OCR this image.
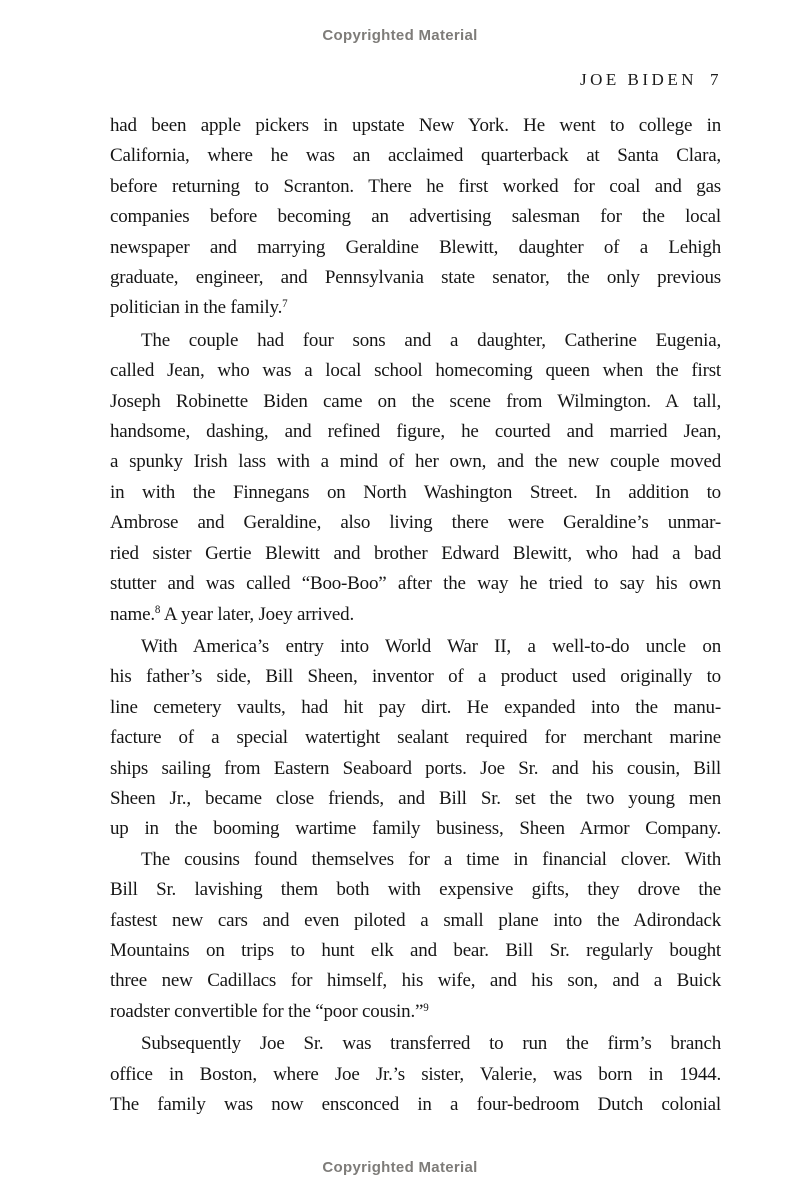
Copyrighted Material
JOE BIDEN 7
had been apple pickers in upstate New York. He went to college in
California, where he was an acclaimed quarterback at Santa Clara,
before returning to Scranton. There he first worked for coal and gas
companies before becoming an advertising salesman for the local
newspaper and marrying Geraldine Blewitt, daughter of a Lehigh
graduate, engineer, and Pennsylvania state senator, the only previous
politician in the family.$^7$
The couple had four sons and a daughter, Catherine Eugenia,
called Jean, who was a local school homecoming queen when the first
Joseph Robinette Biden came on the scene from Wilmington. A tall,
handsome, dashing, and refined figure, he courted and married Jean,
a spunky Irish lass with a mind of her own, and the new couple moved
in with the Finnegans on North Washington Street. In addition to
Ambrose and Geraldine, also living there were Geraldine’s unmar-
ried sister Gertie Blewitt and brother Edward Blewitt, who had a bad
stutter and was called “Boo-Boo” after the way he tried to say his own
name.$^8$ A year later, Joey arrived.
With America’s entry into World War II, a well-to-do uncle on
his father’s side, Bill Sheen, inventor of a product used originally to
line cemetery vaults, had hit pay dirt. He expanded into the manu-
facture of a special watertight sealant required for merchant marine
ships sailing from Eastern Seaboard ports. Joe Sr. and his cousin, Bill
Sheen Jr., became close friends, and Bill Sr. set the two young men
up in the booming wartime family business, Sheen Armor Company.
The cousins found themselves for a time in financial clover. With
Bill Sr. lavishing them both with expensive gifts, they drove the
fastest new cars and even piloted a small plane into the Adirondack
Mountains on trips to hunt elk and bear. Bill Sr. regularly bought
three new Cadillacs for himself, his wife, and his son, and a Buick
roadster convertible for the “poor cousin.”$^9$
Subsequently Joe Sr. was transferred to run the firm’s branch
office in Boston, where Joe Jr.’s sister, Valerie, was born in 1944.
The family was now ensconced in a four-bedroom Dutch colonial
Copyrighted Material
